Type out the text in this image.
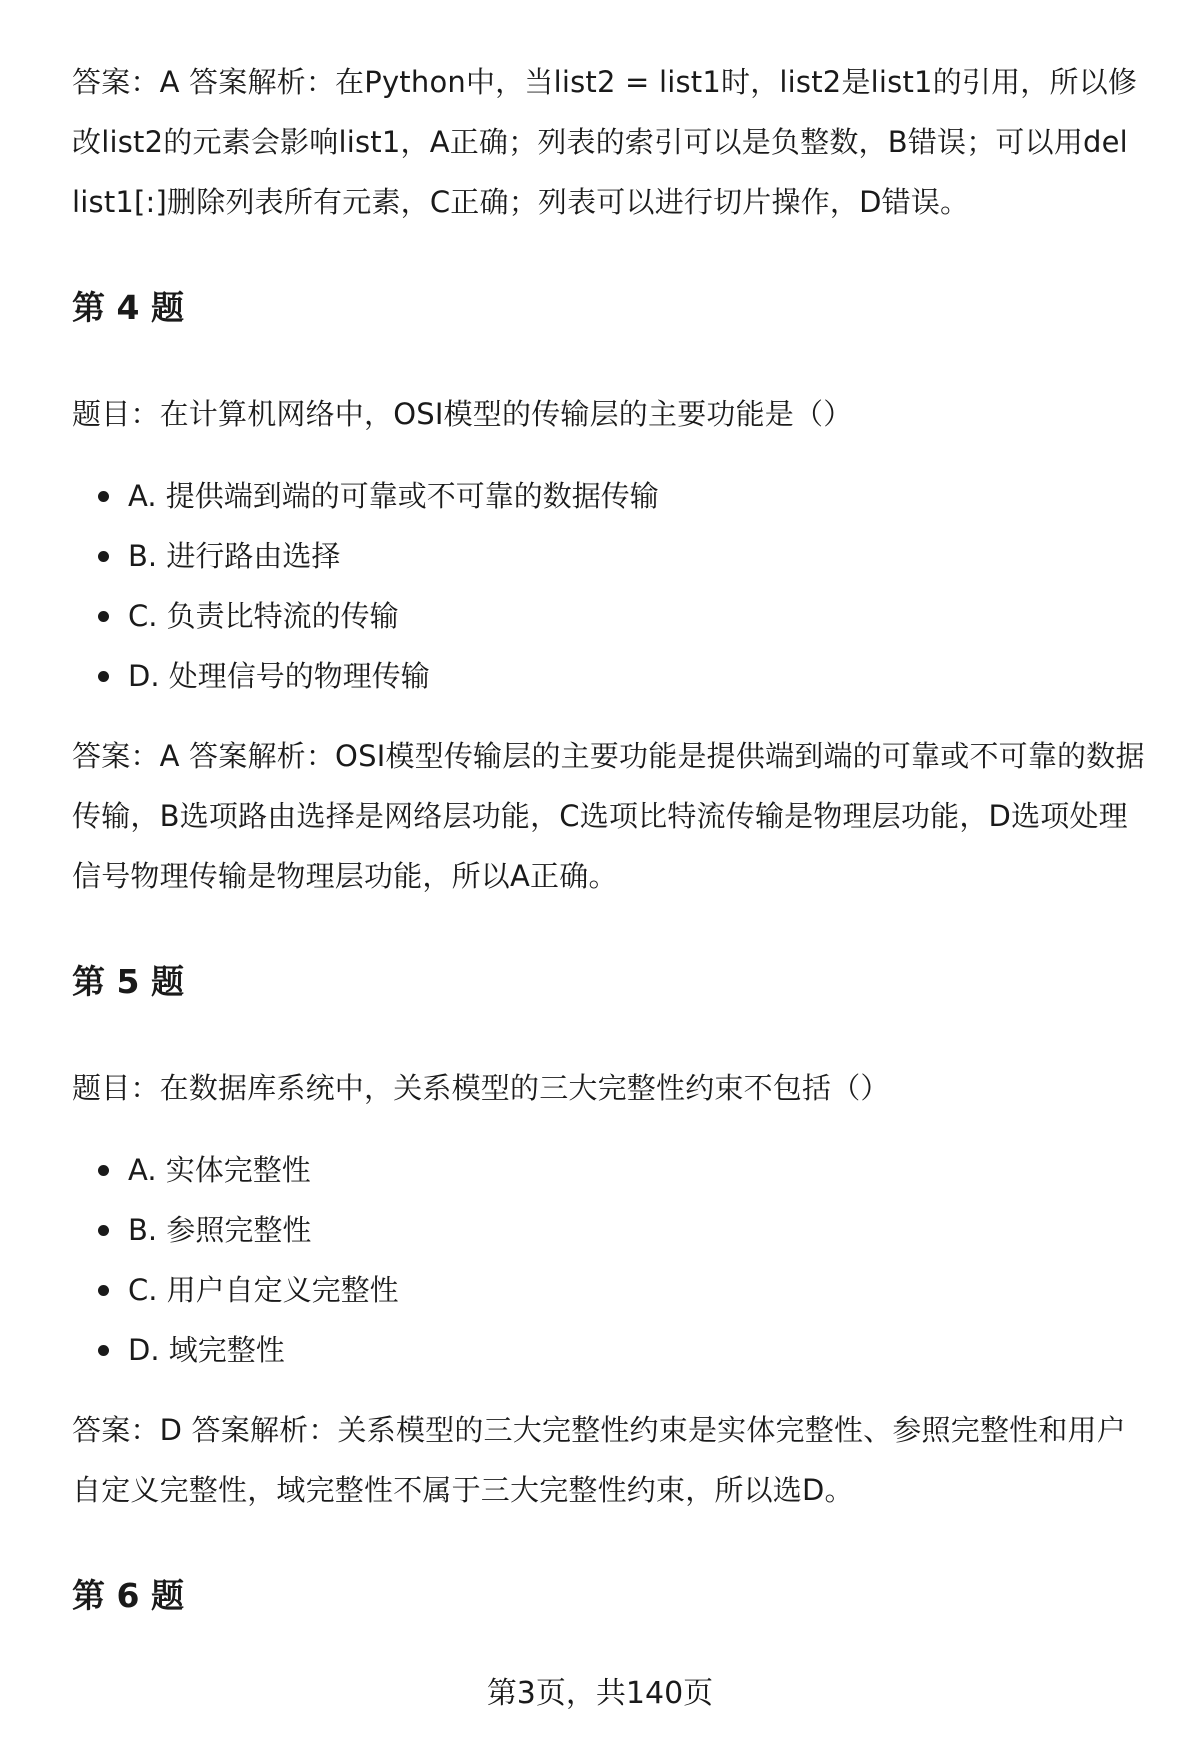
答案：A 答案解析：在Python中，当list2 = list1时，list2是list1的引用，所以修改list2的元素会影响list1，A正确；列表的索引可以是负整数，B错误；可以用del list1[:]删除列表所有元素，C正确；列表可以进行切片操作，D错误。

第 4 题

题目：在计算机网络中，OSI模型的传输层的主要功能是（）

A. 提供端到端的可靠或不可靠的数据传输
B. 进行路由选择
C. 负责比特流的传输
D. 处理信号的物理传输

答案：A 答案解析：OSI模型传输层的主要功能是提供端到端的可靠或不可靠的数据传输，B选项路由选择是网络层功能，C选项比特流传输是物理层功能，D选项处理信号物理传输是物理层功能，所以A正确。

第 5 题

题目：在数据库系统中，关系模型的三大完整性约束不包括（）

A. 实体完整性
B. 参照完整性
C. 用户自定义完整性
D. 域完整性

答案：D 答案解析：关系模型的三大完整性约束是实体完整性、参照完整性和用户自定义完整性，域完整性不属于三大完整性约束，所以选D。

第 6 题
第3页，共140页
